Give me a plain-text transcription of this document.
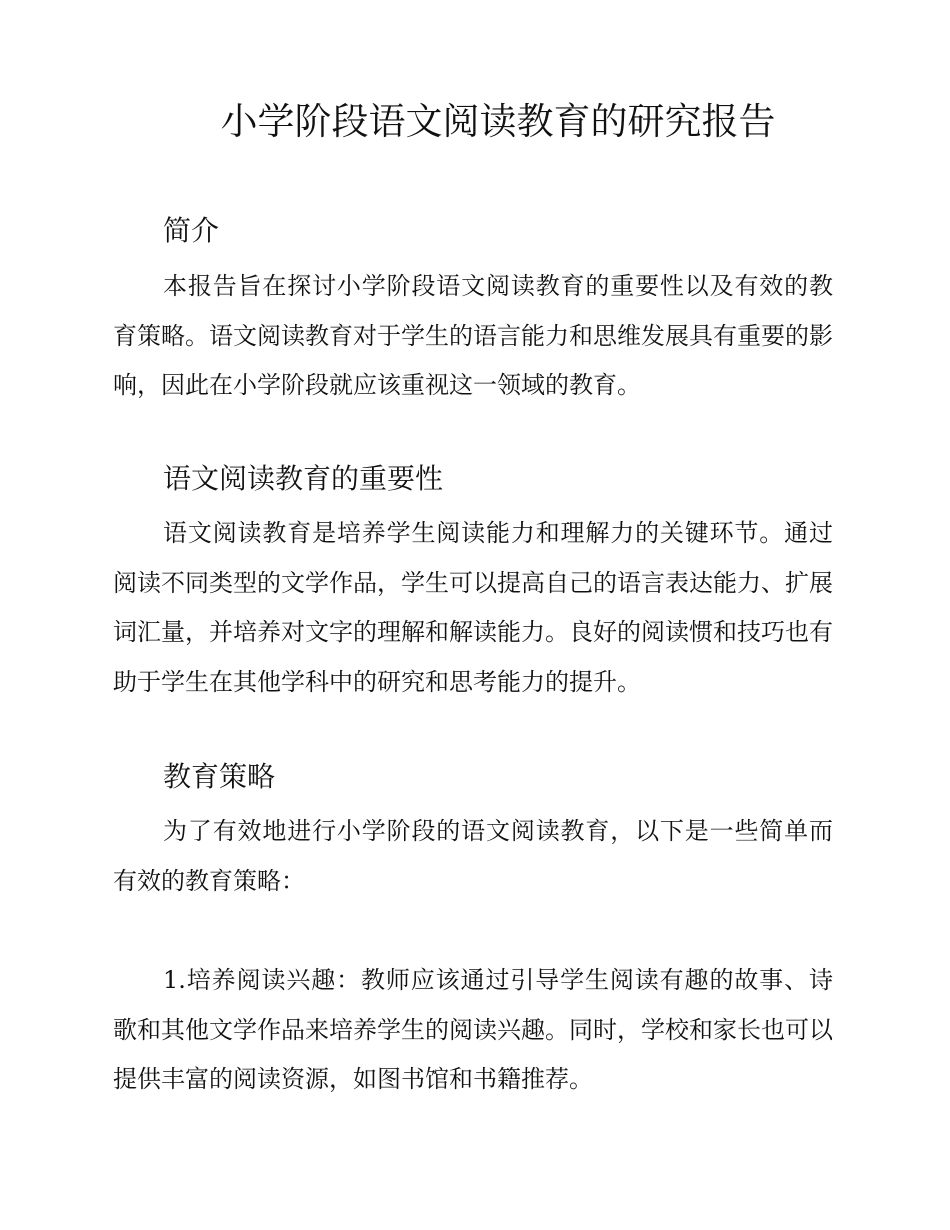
小学阶段语文阅读教育的研究报告
简介

本报告旨在探讨小学阶段语文阅读教育的重要性以及有效的教育策略。语文阅读教育对于学生的语言能力和思维发展具有重要的影响，因此在小学阶段就应该重视这一领域的教育。

语文阅读教育的重要性

语文阅读教育是培养学生阅读能力和理解力的关键环节。通过阅读不同类型的文学作品，学生可以提高自己的语言表达能力、扩展词汇量，并培养对文字的理解和解读能力。良好的阅读惯和技巧也有助于学生在其他学科中的研究和思考能力的提升。

教育策略

为了有效地进行小学阶段的语文阅读教育，以下是一些简单而有效的教育策略：

1.培养阅读兴趣：教师应该通过引导学生阅读有趣的故事、诗歌和其他文学作品来培养学生的阅读兴趣。同时，学校和家长也可以提供丰富的阅读资源，如图书馆和书籍推荐。
